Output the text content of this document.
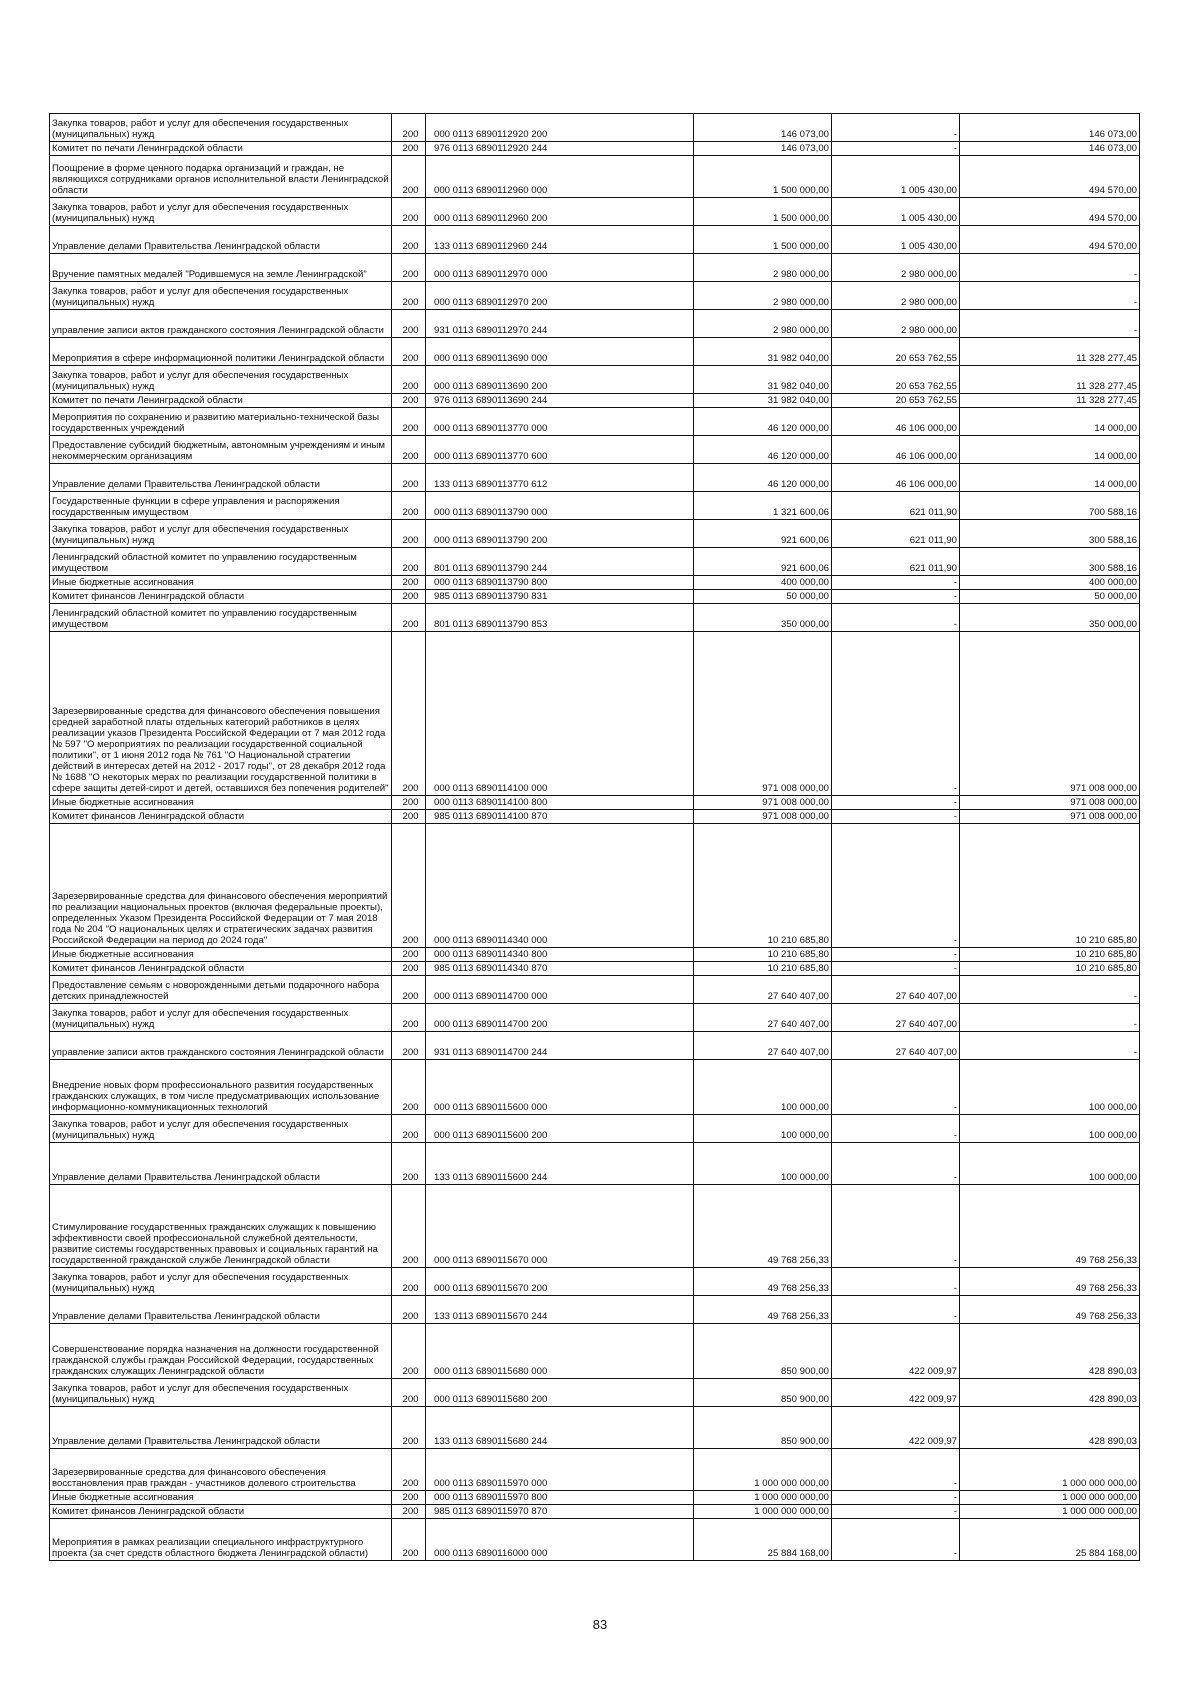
Закупка товаров, работ и услуг для обеспечения государственных (муниципальных) нужд	200	000 0113 6890112920 200	146 073,00	-	146 073,00
Комитет по печати Ленинградской области	200	976 0113 6890112920 244	146 073,00	-	146 073,00
Поощрение в форме ценного подарка организаций и граждан, не являющихся сотрудниками органов исполнительной власти Ленинградской области	200	000 0113 6890112960 000	1 500 000,00	1 005 430,00	494 570,00
Закупка товаров, работ и услуг для обеспечения государственных (муниципальных) нужд	200	000 0113 6890112960 200	1 500 000,00	1 005 430,00	494 570,00
Управление делами Правительства Ленинградской области	200	133 0113 6890112960 244	1 500 000,00	1 005 430,00	494 570,00
Вручение памятных медалей "Родившемуся на земле Ленинградской"	200	000 0113 6890112970 000	2 980 000,00	2 980 000,00	-
Закупка товаров, работ и услуг для обеспечения государственных (муниципальных) нужд	200	000 0113 6890112970 200	2 980 000,00	2 980 000,00	-
управление записи актов гражданского состояния Ленинградской области	200	931 0113 6890112970 244	2 980 000,00	2 980 000,00	-
Мероприятия в сфере информационной политики Ленинградской области	200	000 0113 6890113690 000	31 982 040,00	20 653 762,55	11 328 277,45
Закупка товаров, работ и услуг для обеспечения государственных (муниципальных) нужд	200	000 0113 6890113690 200	31 982 040,00	20 653 762,55	11 328 277,45
Комитет по печати Ленинградской области	200	976 0113 6890113690 244	31 982 040,00	20 653 762,55	11 328 277,45
Мероприятия по сохранению и развитию материально-технической базы государственных учреждений	200	000 0113 6890113770 000	46 120 000,00	46 106 000,00	14 000,00
Предоставление субсидий бюджетным, автономным учреждениям и иным некоммерческим организациям	200	000 0113 6890113770 600	46 120 000,00	46 106 000,00	14 000,00
Управление делами Правительства Ленинградской области	200	133 0113 6890113770 612	46 120 000,00	46 106 000,00	14 000,00
Государственные функции в сфере управления и распоряжения государственным имуществом	200	000 0113 6890113790 000	1 321 600,06	621 011,90	700 588,16
Закупка товаров, работ и услуг для обеспечения государственных (муниципальных) нужд	200	000 0113 6890113790 200	921 600,06	621 011,90	300 588,16
Ленинградский областной комитет по управлению государственным имуществом	200	801 0113 6890113790 244	921 600,06	621 011,90	300 588,16
Иные бюджетные ассигнования	200	000 0113 6890113790 800	400 000,00	-	400 000,00
Комитет финансов Ленинградской области	200	985 0113 6890113790 831	50 000,00	-	50 000,00
Ленинградский областной комитет по управлению государственным имуществом	200	801 0113 6890113790 853	350 000,00	-	350 000,00
Зарезервированные средства для финансового обеспечения повышения средней заработной платы отдельных категорий работников в целях реализации указов Президента Российской Федерации от 7 мая 2012 года № 597 "О мероприятиях по реализации государственной социальной политики", от 1 июня 2012 года № 761 "О Национальной стратегии действий в интересах детей на 2012 - 2017 годы", от 28 декабря 2012 года № 1688 "О некоторых мерах по реализации государственной политики в сфере защиты детей-сирот и детей, оставшихся без попечения родителей"	200	000 0113 6890114100 000	971 008 000,00	-	971 008 000,00
Иные бюджетные ассигнования	200	000 0113 6890114100 800	971 008 000,00	-	971 008 000,00
Комитет финансов Ленинградской области	200	985 0113 6890114100 870	971 008 000,00	-	971 008 000,00
Зарезервированные средства для финансового обеспечения мероприятий по реализации национальных проектов (включая федеральные проекты), определенных Указом Президента Российской Федерации от 7 мая 2018 года № 204 "О национальных целях и стратегических задачах развития Российской Федерации на период до 2024 года"	200	000 0113 6890114340 000	10 210 685,80	-	10 210 685,80
Иные бюджетные ассигнования	200	000 0113 6890114340 800	10 210 685,80	-	10 210 685,80
Комитет финансов Ленинградской области	200	985 0113 6890114340 870	10 210 685,80	-	10 210 685,80
Предоставление семьям с новорожденными детьми подарочного набора детских принадлежностей	200	000 0113 6890114700 000	27 640 407,00	27 640 407,00	-
Закупка товаров, работ и услуг для обеспечения государственных (муниципальных) нужд	200	000 0113 6890114700 200	27 640 407,00	27 640 407,00	-
управление записи актов гражданского состояния Ленинградской области	200	931 0113 6890114700 244	27 640 407,00	27 640 407,00	-
Внедрение новых форм профессионального развития государственных гражданских служащих, в том числе предусматривающих использование информационно-коммуникационных технологий	200	000 0113 6890115600 000	100 000,00	-	100 000,00
Закупка товаров, работ и услуг для обеспечения государственных (муниципальных) нужд	200	000 0113 6890115600 200	100 000,00	-	100 000,00
Управление делами Правительства Ленинградской области	200	133 0113 6890115600 244	100 000,00	-	100 000,00
Стимулирование государственных гражданских служащих к повышению эффективности своей профессиональной служебной деятельности, развитие системы государственных правовых и социальных гарантий на государственной гражданской службе Ленинградской области	200	000 0113 6890115670 000	49 768 256,33	-	49 768 256,33
Закупка товаров, работ и услуг для обеспечения государственных (муниципальных) нужд	200	000 0113 6890115670 200	49 768 256,33	-	49 768 256,33
Управление делами Правительства Ленинградской области	200	133 0113 6890115670 244	49 768 256,33	-	49 768 256,33
Совершенствование порядка назначения на должности государственной гражданской службы граждан Российской Федерации, государственных гражданских служащих Ленинградской области	200	000 0113 6890115680 000	850 900,00	422 009,97	428 890,03
Закупка товаров, работ и услуг для обеспечения государственных (муниципальных) нужд	200	000 0113 6890115680 200	850 900,00	422 009,97	428 890,03
Управление делами Правительства Ленинградской области	200	133 0113 6890115680 244	850 900,00	422 009,97	428 890,03
Зарезервированные средства для финансового обеспечения восстановления прав граждан - участников долевого строительства	200	000 0113 6890115970 000	1 000 000 000,00	-	1 000 000 000,00
Иные бюджетные ассигнования	200	000 0113 6890115970 800	1 000 000 000,00	-	1 000 000 000,00
Комитет финансов Ленинградской области	200	985 0113 6890115970 870	1 000 000 000,00	-	1 000 000 000,00
Мероприятия в рамках реализации специального инфраструктурного проекта (за счет средств областного бюджета Ленинградской области)	200	000 0113 6890116000 000	25 884 168,00	-	25 884 168,00
83
